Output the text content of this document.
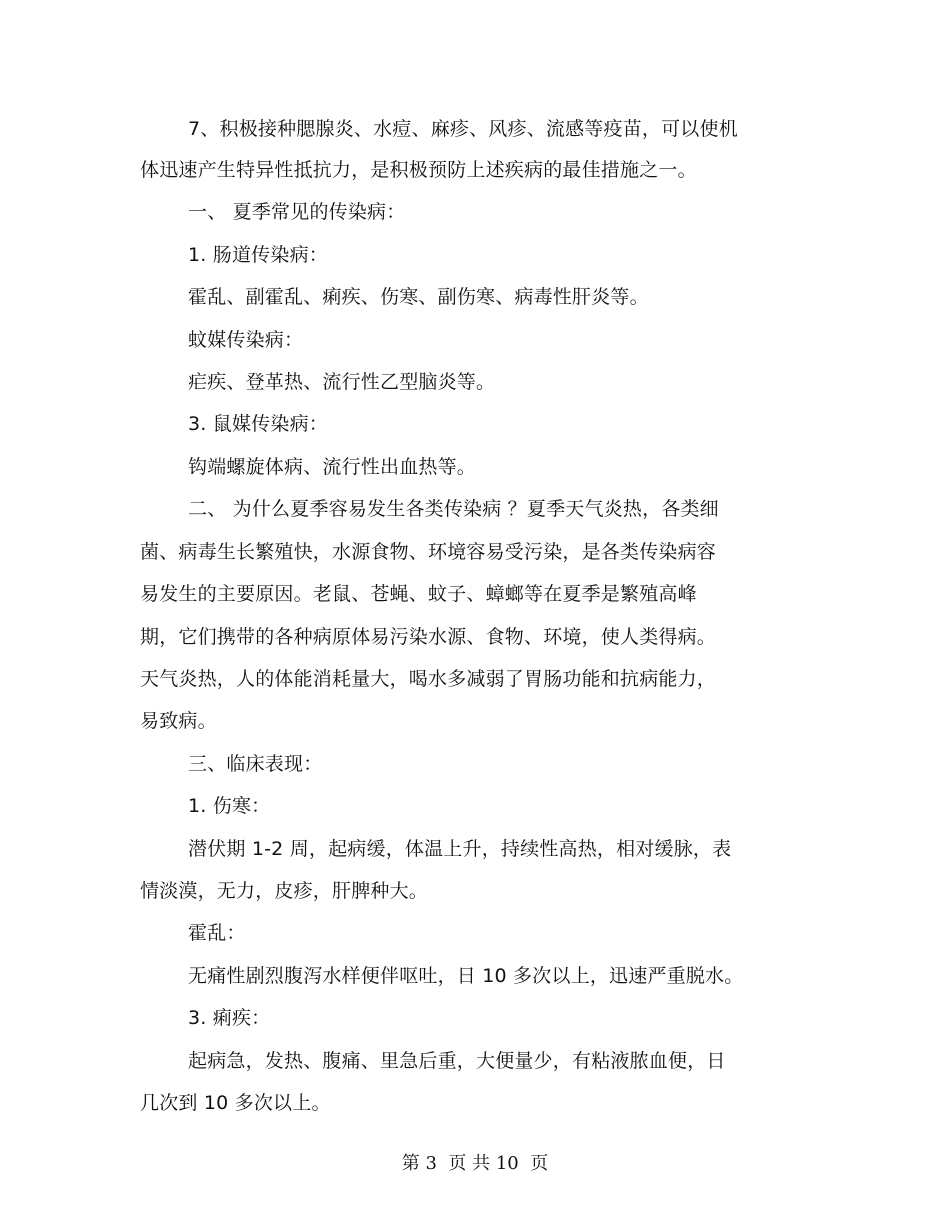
7、积极接种腮腺炎、水痘、麻疹、风疹、流感等疫苗，可以使机
体迅速产生特异性抵抗力，是积极预防上述疾病的最佳措施之一。
一、 夏季常见的传染病：
1. 肠道传染病：
霍乱、副霍乱、痢疾、伤寒、副伤寒、病毒性肝炎等。
蚊媒传染病：
疟疾、登革热、流行性乙型脑炎等。
3. 鼠媒传染病：
钩端螺旋体病、流行性出血热等。
二、 为什么夏季容易发生各类传染病 ？夏季天气炎热，各类细
菌、病毒生长繁殖快，水源食物、环境容易受污染，是各类传染病容
易发生的主要原因。老鼠、苍蝇、蚊子、蟑螂等在夏季是繁殖高峰
期，它们携带的各种病原体易污染水源、食物、环境，使人类得病。
天气炎热，人的体能消耗量大，喝水多减弱了胃肠功能和抗病能力，
易致病。
三、临床表现：
1. 伤寒：
潜伏期 1-2 周，起病缓，体温上升，持续性高热，相对缓脉，表
情淡漠，无力，皮疹，肝脾种大。
霍乱：
无痛性剧烈腹泻水样便伴呕吐，日 10 多次以上，迅速严重脱水。
3. 痢疾：
起病急，发热、腹痛、里急后重，大便量少，有粘液脓血便，日
几次到 10 多次以上。
第 3  页 共 10  页
